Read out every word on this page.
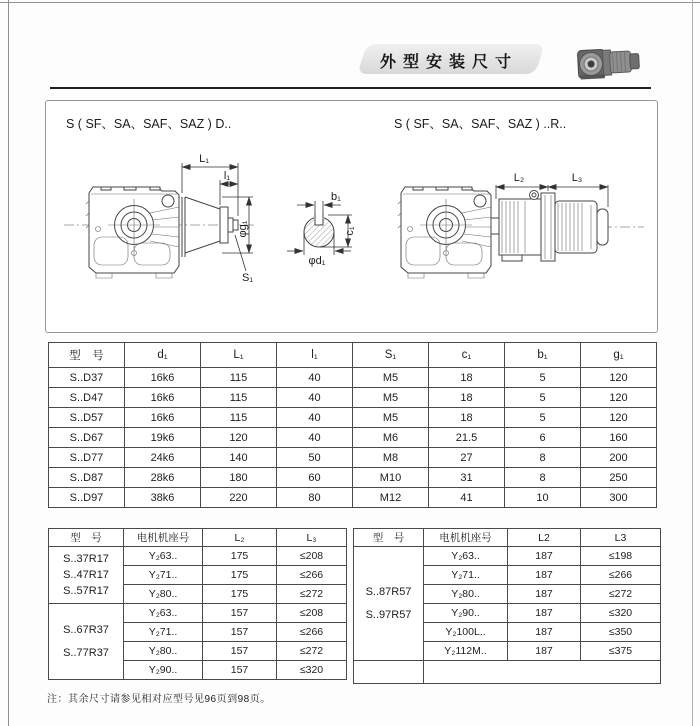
外型安装尺寸
S ( SF、SA、SAF、SAZ ) D..	S ( SF、SA、SAF、SAZ ) ..R..
L₁
l₁
φg₁
S₁
b₁
c₁
φd₁
L₂	L₃
型　号	d₁	L₁	l₁	S₁	c₁	b₁	g₁
S..D37	16k6	115	40	M5	18	5	120
S..D47	16k6	115	40	M5	18	5	120
S..D57	16k6	115	40	M5	18	5	120
S..D67	19k6	120	40	M6	21.5	6	160
S..D77	24k6	140	50	M8	27	8	200
S..D87	28k6	180	60	M10	31	8	250
S..D97	38k6	220	80	M12	41	10	300
型　号	电机机座号	L₂	L₃

S..37R17
S..47R17
S..57R17	Y₂63..	175	≤208
	Y₂71..	175	≤266
	Y₂80..	175	≤272

S..67R37
S..77R37	Y₂63..	157	≤208
	Y₂71..	157	≤266
	Y₂80..	157	≤272
	Y₂90..	157	≤320
型　号	电机机座号	L2	L3

S..87R57
S..97R57	Y₂63..	187	≤198
	Y₂71..	187	≤266
	Y₂80..	187	≤272
	Y₂90..	187	≤320
	Y₂100L..	187	≤350
	Y₂112M..	187	≤375

注：其余尺寸请参见相对应型号见96页到98页。
